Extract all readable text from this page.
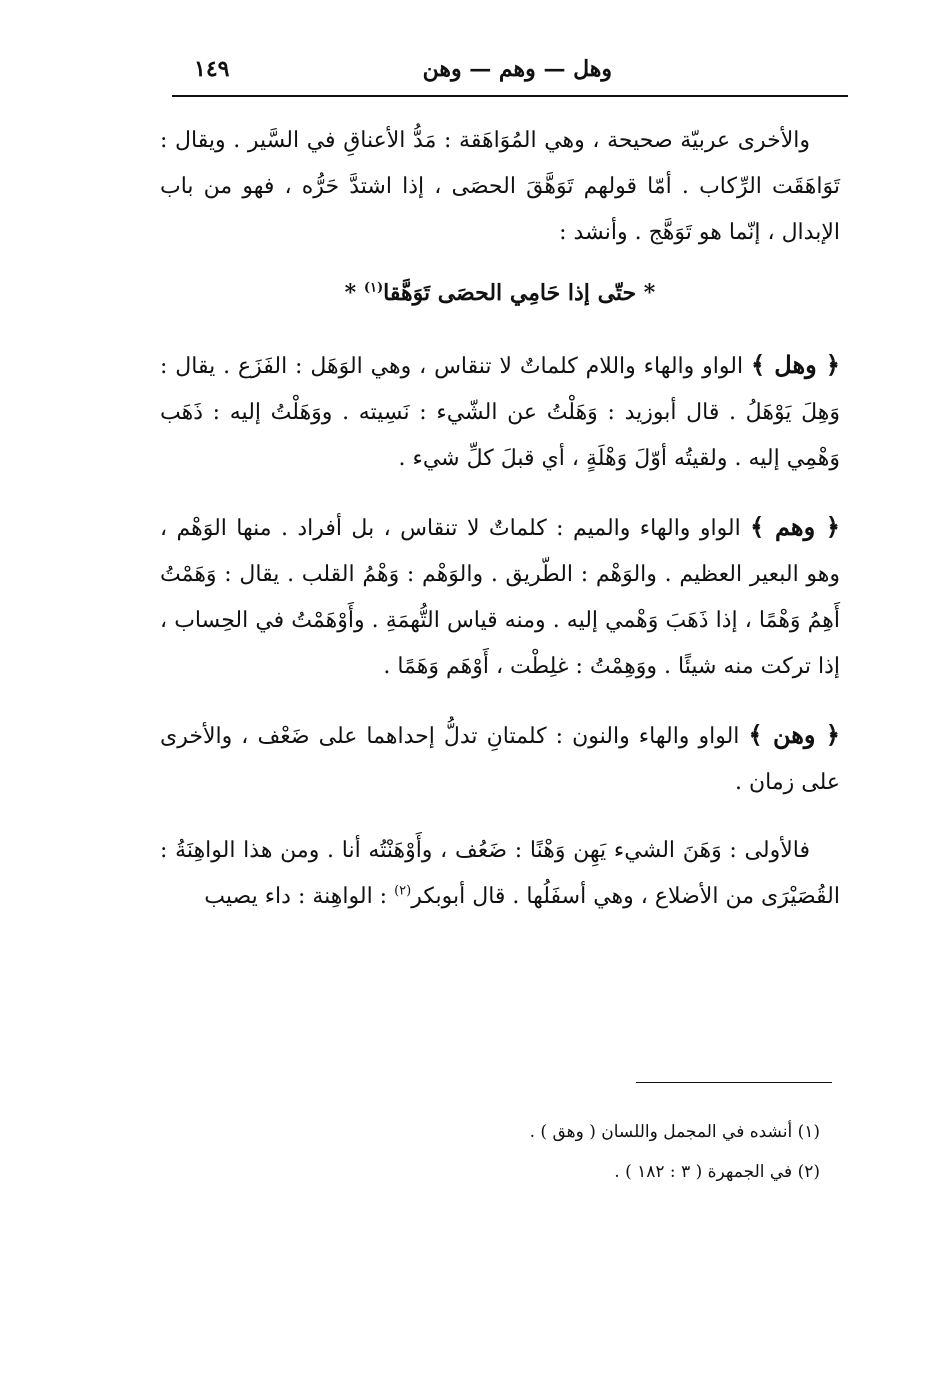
وهل — وهم — وهن
١٤٩

والأخرى عربيّة صحيحة ، وهي المُوَاهَقة : مَدُّ الأعناقِ في السَّير . ويقال : تَوَاهَقَت الرِّكاب . أمّا قولهم تَوَهَّقَ الحصَى ، إذا اشتدَّ حَرُّه ، فهو من باب الإبدال ، إنّما هو تَوَهَّج . وأنشد :

* حتّى إذا حَامِي الحصَى تَوَهَّقا$^{(١)}$ *

﴿ وهل ﴾ الواو والهاء واللام كلماتٌ لا تنقاس ، وهي الوَهَل : الفَزَع . يقال : وَهِلَ يَوْهَلُ . قال أبوزيد : وَهَلْتُ عن الشّيء : نَسِيته . ووَهَلْتُ إليه : ذَهَب وَهْمِي إليه . ولقيتُه أوّلَ وَهْلَةٍ ، أي قبلَ كلِّ شيء .

﴿ وهم ﴾ الواو والهاء والميم : كلماتٌ لا تنقاس ، بل أفراد . منها الوَهْم ، وهو البعير العظيم . والوَهْم : الطّريق . والوَهْم : وَهْمُ القلب . يقال : وَهَمْتُ أَهِمُ وَهْمًا ، إذا ذَهَبَ وَهْمي إليه . ومنه قياس التُّهمَةِ . وأَوْهَمْتُ في الحِساب ، إذا تركت منه شيئًا . ووَهِمْتُ : غلِطْت ، أَوْهَم وَهَمًا .

﴿ وهن ﴾ الواو والهاء والنون : كلمتانِ تدلُّ إحداهما على ضَعْف ، والأخرى على زمان .

فالأولى : وَهَنَ الشيء يَهِن وَهْنًا : ضَعُف ، وأَوْهَنْتُه أنا . ومن هذا الواهِنَةُ : القُصَيْرَى من الأضلاع ، وهي أسفَلُها . قال أبوبكر$^{(٢)}$ : الواهِنة : داء يصيب

(١) أنشده في المجمل واللسان ( وهق ) .
(٢) في الجمهرة ( ٣ : ١٨٢ ) .
